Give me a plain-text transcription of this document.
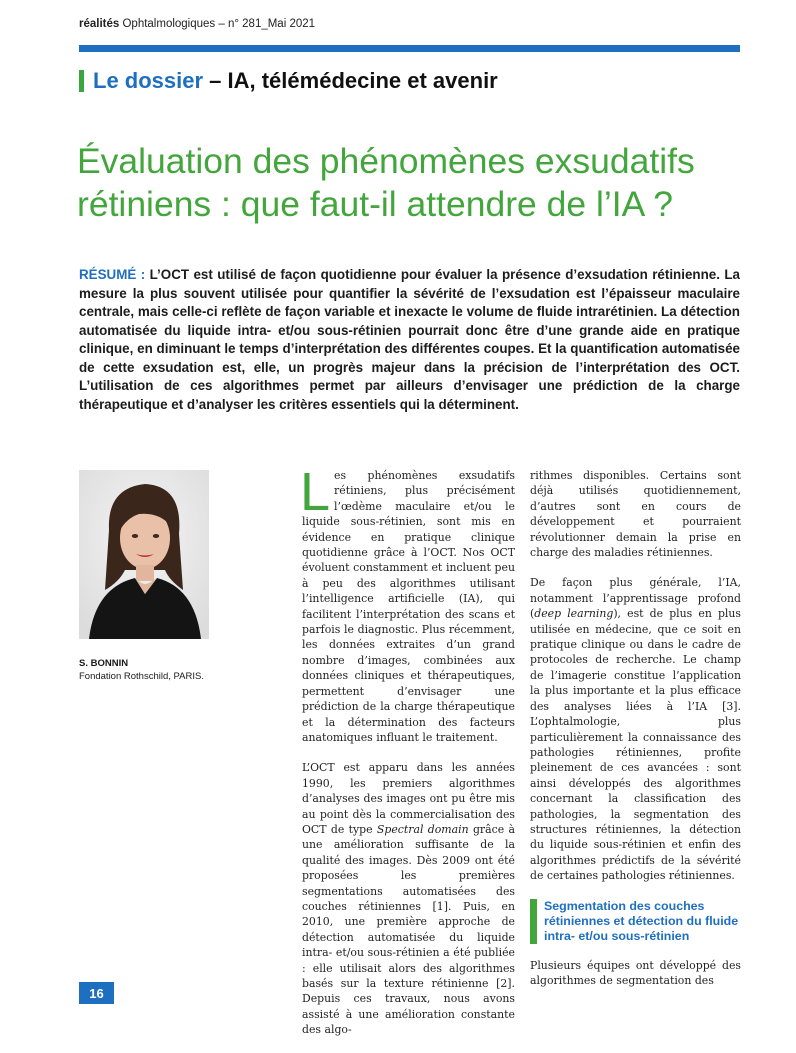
réalités Ophtalmologiques – n° 281_Mai 2021
Le dossier – IA, télémédecine et avenir
Évaluation des phénomènes exsudatifs rétiniens : que faut-il attendre de l’IA ?
RÉSUMÉ : L’OCT est utilisé de façon quotidienne pour évaluer la présence d’exsudation rétinienne. La mesure la plus souvent utilisée pour quantifier la sévérité de l’exsudation est l’épaisseur maculaire centrale, mais celle-ci reflète de façon variable et inexacte le volume de fluide intrarétinien. La détection automatisée du liquide intra- et/ou sous-rétinien pourrait donc être d’une grande aide en pratique clinique, en diminuant le temps d’interprétation des différentes coupes. Et la quantification automatisée de cette exsudation est, elle, un progrès majeur dans la précision de l’interprétation des OCT. L’utilisation de ces algorithmes permet par ailleurs d’envisager une prédiction de la charge thérapeutique et d’analyser les critères essentiels qui la déterminent.
S. BONNIN
Fondation Rothschild, PARIS.

Les phénomènes exsudatifs rétiniens, plus précisément l’œdème maculaire et/ou le liquide sous-rétinien, sont mis en évidence en pratique clinique quotidienne grâce à l’OCT. Nos OCT évoluent constamment et incluent peu à peu des algorithmes utilisant l’intelligence artificielle (IA), qui facilitent l’interprétation des scans et parfois le diagnostic. Plus récemment, les données extraites d’un grand nombre d’images, combinées aux données cliniques et thérapeutiques, permettent d’envisager une prédiction de la charge thérapeutique et la détermination des facteurs anatomiques influant le traitement.

L’OCT est apparu dans les années 1990, les premiers algorithmes d’analyses des images ont pu être mis au point dès la commercialisation des OCT de type Spectral domain grâce à une amélioration suffisante de la qualité des images. Dès 2009 ont été proposées les premières segmentations automatisées des couches rétiniennes [1]. Puis, en 2010, une première approche de détection automatisée du liquide intra- et/ou sous-rétinien a été publiée : elle utilisait alors des algorithmes basés sur la texture rétinienne [2]. Depuis ces travaux, nous avons assisté à une amélioration constante des algo-

rithmes disponibles. Certains sont déjà utilisés quotidiennement, d’autres sont en cours de développement et pourraient révolutionner demain la prise en charge des maladies rétiniennes.

De façon plus générale, l’IA, notamment l’apprentissage profond (deep learning), est de plus en plus utilisée en médecine, que ce soit en pratique clinique ou dans le cadre de protocoles de recherche. Le champ de l’imagerie constitue l’application la plus importante et la plus efficace des analyses liées à l’IA [3]. L’ophtalmologie, plus particulièrement la connaissance des pathologies rétiniennes, profite pleinement de ces avancées : sont ainsi développés des algorithmes concernant la classification des pathologies, la segmentation des structures rétiniennes, la détection du liquide sous-rétinien et enfin des algorithmes prédictifs de la sévérité de certaines pathologies rétiniennes.

Segmentation des couches rétiniennes et détection du fluide intra- et/ou sous-rétinien

Plusieurs équipes ont développé des algorithmes de segmentation des

16
